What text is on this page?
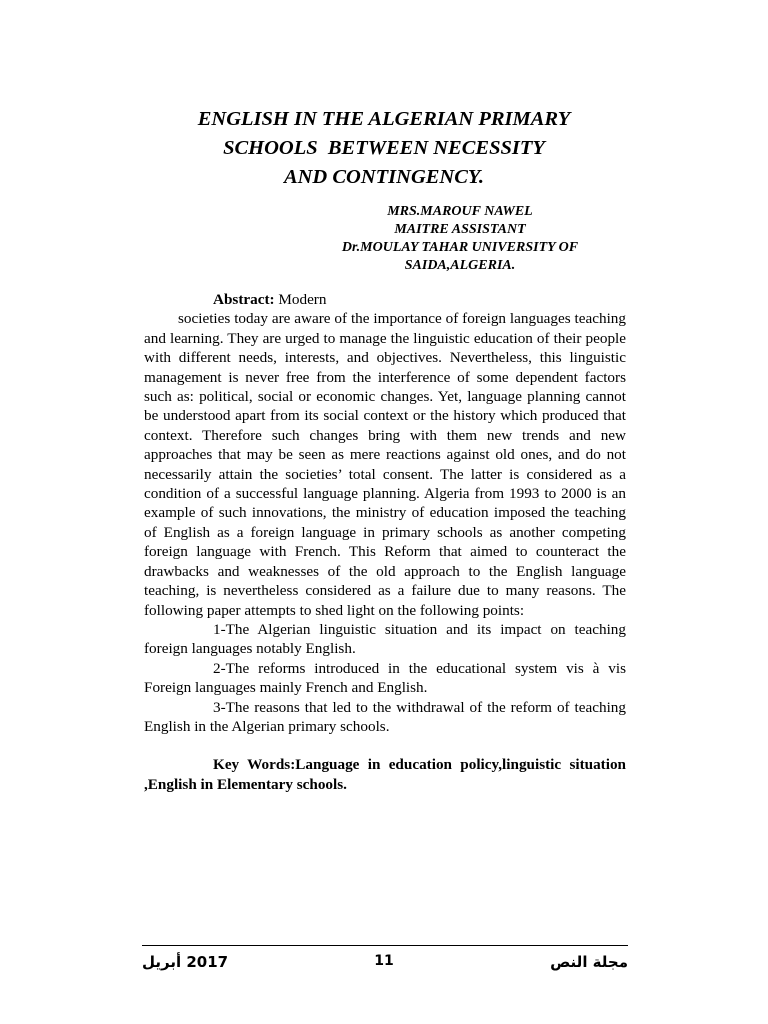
ENGLISH IN THE ALGERIAN PRIMARY
SCHOOLS  BETWEEN NECESSITY
AND CONTINGENCY.
MRS.MAROUF NAWEL
MAITRE ASSISTANT
Dr.MOULAY TAHAR UNIVERSITY OF
SAIDA,ALGERIA.

Abstract: Modern

societies today are aware of the importance of foreign languages teaching and learning. They are urged to manage the linguistic education of their people with different needs, interests, and objectives. Nevertheless, this linguistic management is never free from the interference of some dependent factors such as: political, social or economic changes. Yet, language planning cannot be understood apart from its social context or the history which produced that context. Therefore such changes bring with them new trends and new approaches that may be seen as mere reactions against old ones, and do not necessarily attain the societies’ total consent. The latter is considered as a condition of a successful language planning. Algeria from 1993 to 2000 is an example of such innovations, the ministry of education imposed the teaching of English as a foreign language in primary schools as another competing foreign language with French. This Reform that aimed to counteract the drawbacks and weaknesses of the old approach to the English language teaching, is nevertheless considered as a failure due to many reasons. The following paper attempts to shed light on the following points:

1-The Algerian linguistic situation and its impact on teaching foreign languages notably English.

2-The reforms introduced in the educational system vis à vis Foreign languages mainly French and English.

3-The reasons that led to the withdrawal of the reform of teaching English in the Algerian primary schools.

Key Words:Language in education policy,linguistic situation ,English in Elementary schools.

2017 أبريل	11	مجلة النص
